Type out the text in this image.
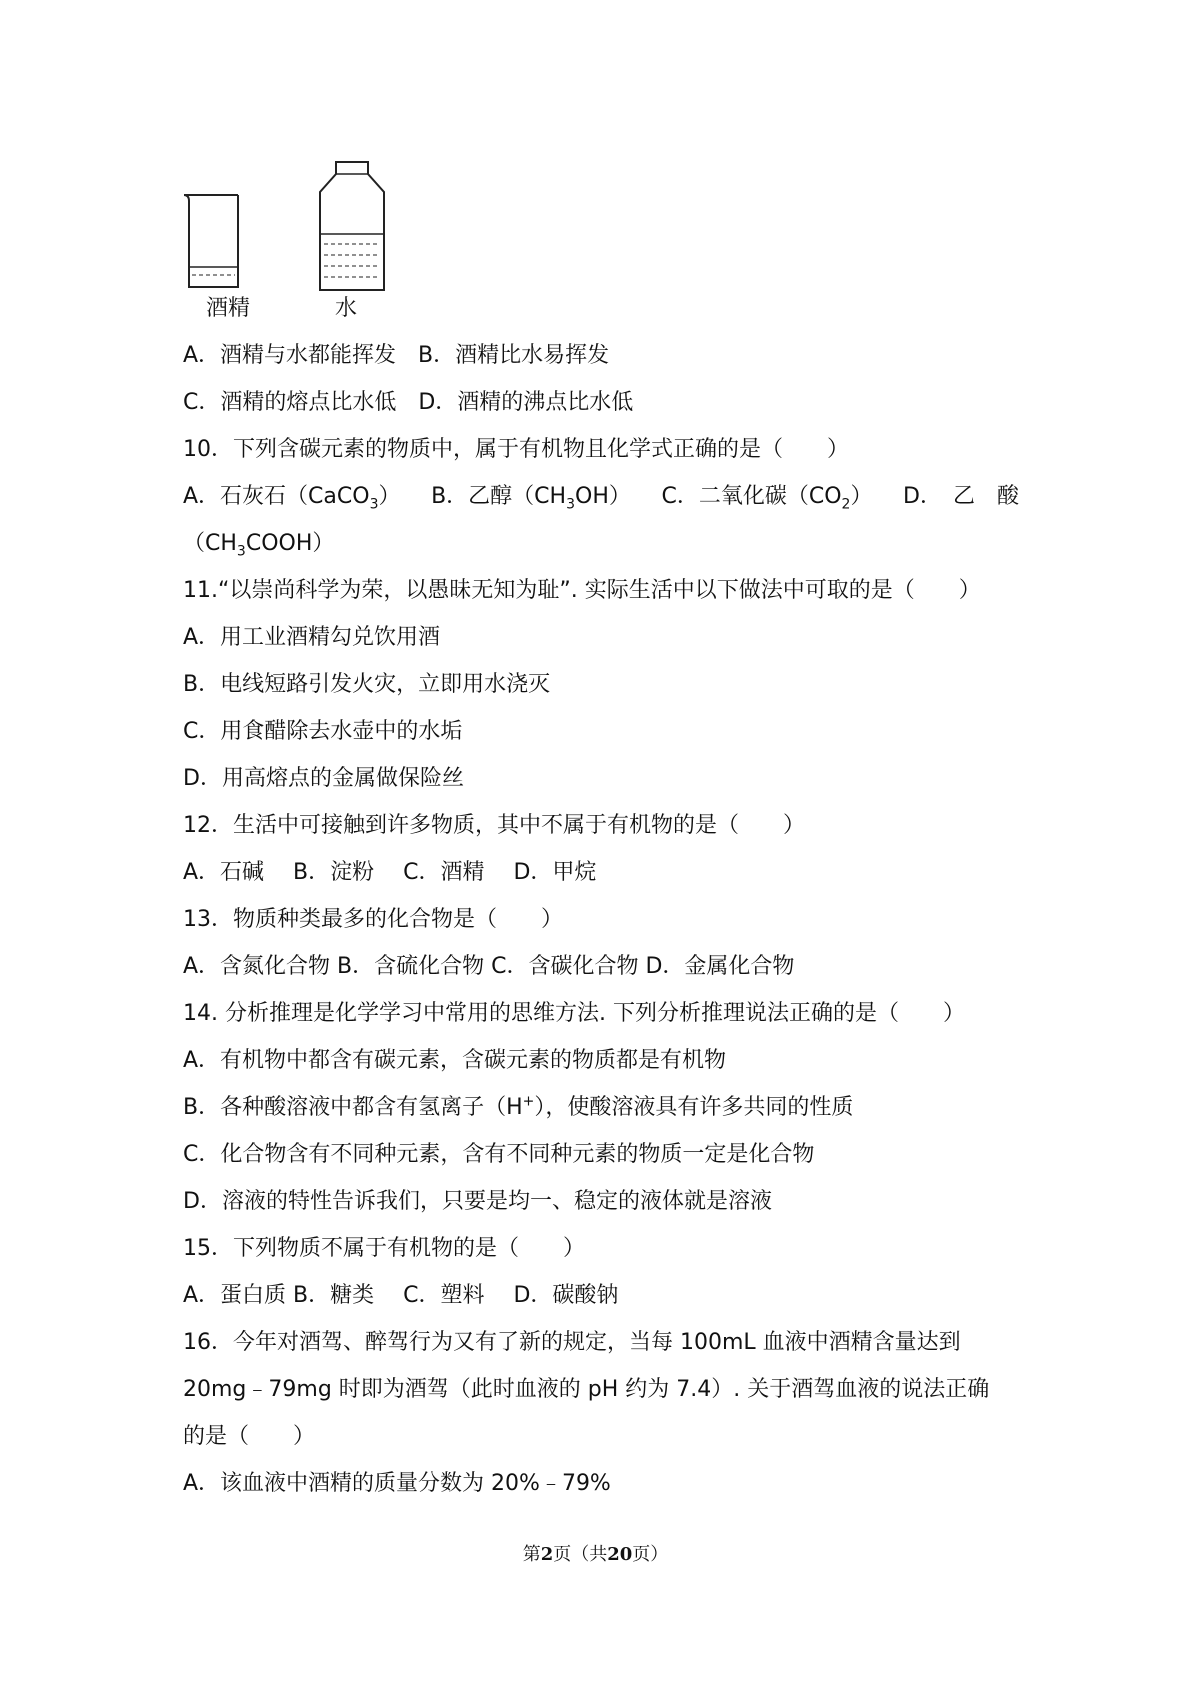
酒精	水
A．酒精与水都能挥发　B．酒精比水易挥发
C．酒精的熔点比水低　D．酒精的沸点比水低
10．下列含碳元素的物质中，属于有机物且化学式正确的是（　　）
A．石灰石（CaCO$_3$） B．乙醇$(CH_3OH)$ C．二氧化碳$(CO_2)$ D．　乙　酸
$(CH_3COOH)$
11.“以崇尚科学为荣，以愚昧无知为耻”. 实际生活中以下做法中可取的是（　　）
A．用工业酒精勾兑饮用酒
B．电线短路引发火灾，立即用水浇灭
C．用食醋除去水壶中的水垢
D．用高熔点的金属做保险丝
12．生活中可接触到许多物质，其中不属于有机物的是（　　）
A．石碱　 B．淀粉　 C．酒精　 D．甲烷
13．物质种类最多的化合物是（　　）
A．含氮化合物 B．含硫化合物 C．含碳化合物 D．金属化合物
14. 分析推理是化学学习中常用的思维方法. 下列分析推理说法正确的是（　　）
A．有机物中都含有碳元素，含碳元素的物质都是有机物
B．各种酸溶液中都含有氢离子（H+），使酸溶液具有许多共同的性质
C．化合物含有不同种元素，含有不同种元素的物质一定是化合物
D．溶液的特性告诉我们，只要是均一、稳定的液体就是溶液
15．下列物质不属于有机物的是（　　）
A．蛋白质 B．糖类　 C．塑料　 D．碳酸钠
16．今年对酒驾、醉驾行为又有了新的规定，当每 100mL 血液中酒精含量达到
20mg﹣79mg 时即为酒驾（此时血液的 pH 约为 7.4）. 关于酒驾血液的说法正确
的是（　　）
A．该血液中酒精的质量分数为 20%﹣79%
第2页（共20页）
